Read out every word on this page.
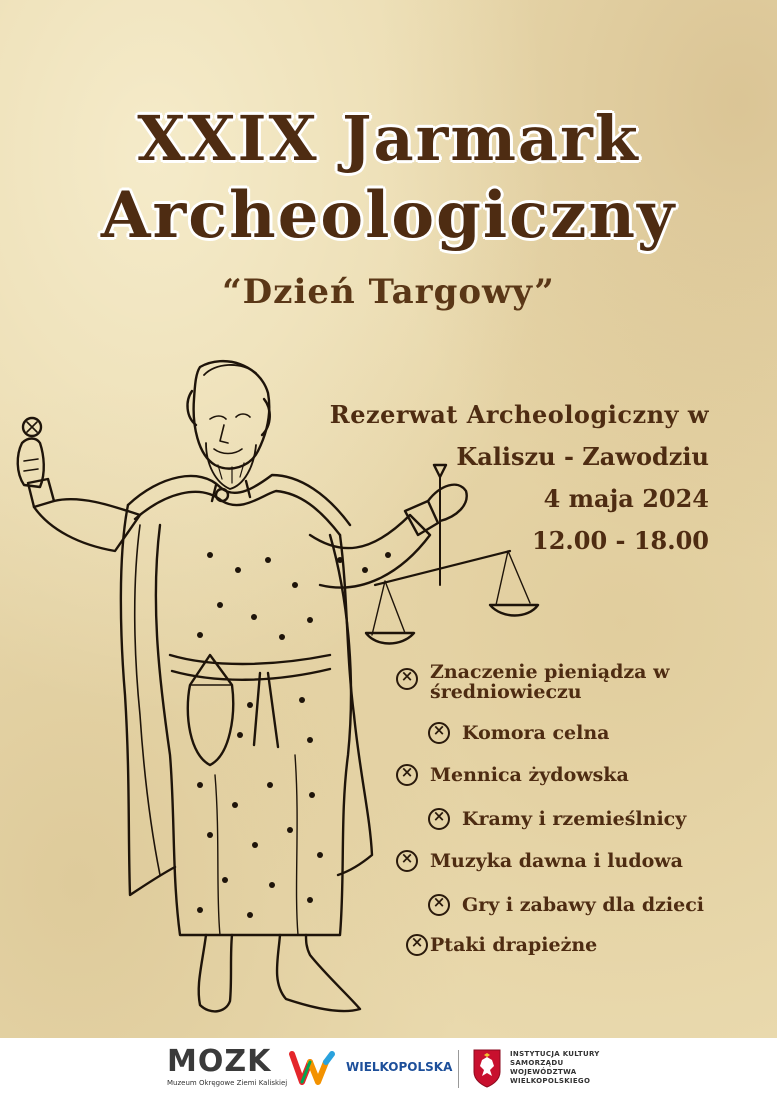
XXIX Jarmark
Archeologiczny
“Dzień Targowy”
Rezerwat Archeologiczny w
Kaliszu - Zawodziu
4 maja 2024
12.00 - 18.00
×
Znaczenie pieniądza w
średniowieczu
×
Komora celna
×
Mennica żydowska
×
Kramy i rzemieślnicy
×
Muzyka dawna i ludowa
×
Gry i zabawy dla dzieci
×
Ptaki drapieżne
MOZK
Muzeum Okręgowe Ziemi Kaliskiej
WIELKOPOLSKA
INSTYTUCJA KULTURY
SAMORZĄDU
WOJEWÓDZTWA
WIELKOPOLSKIEGO
